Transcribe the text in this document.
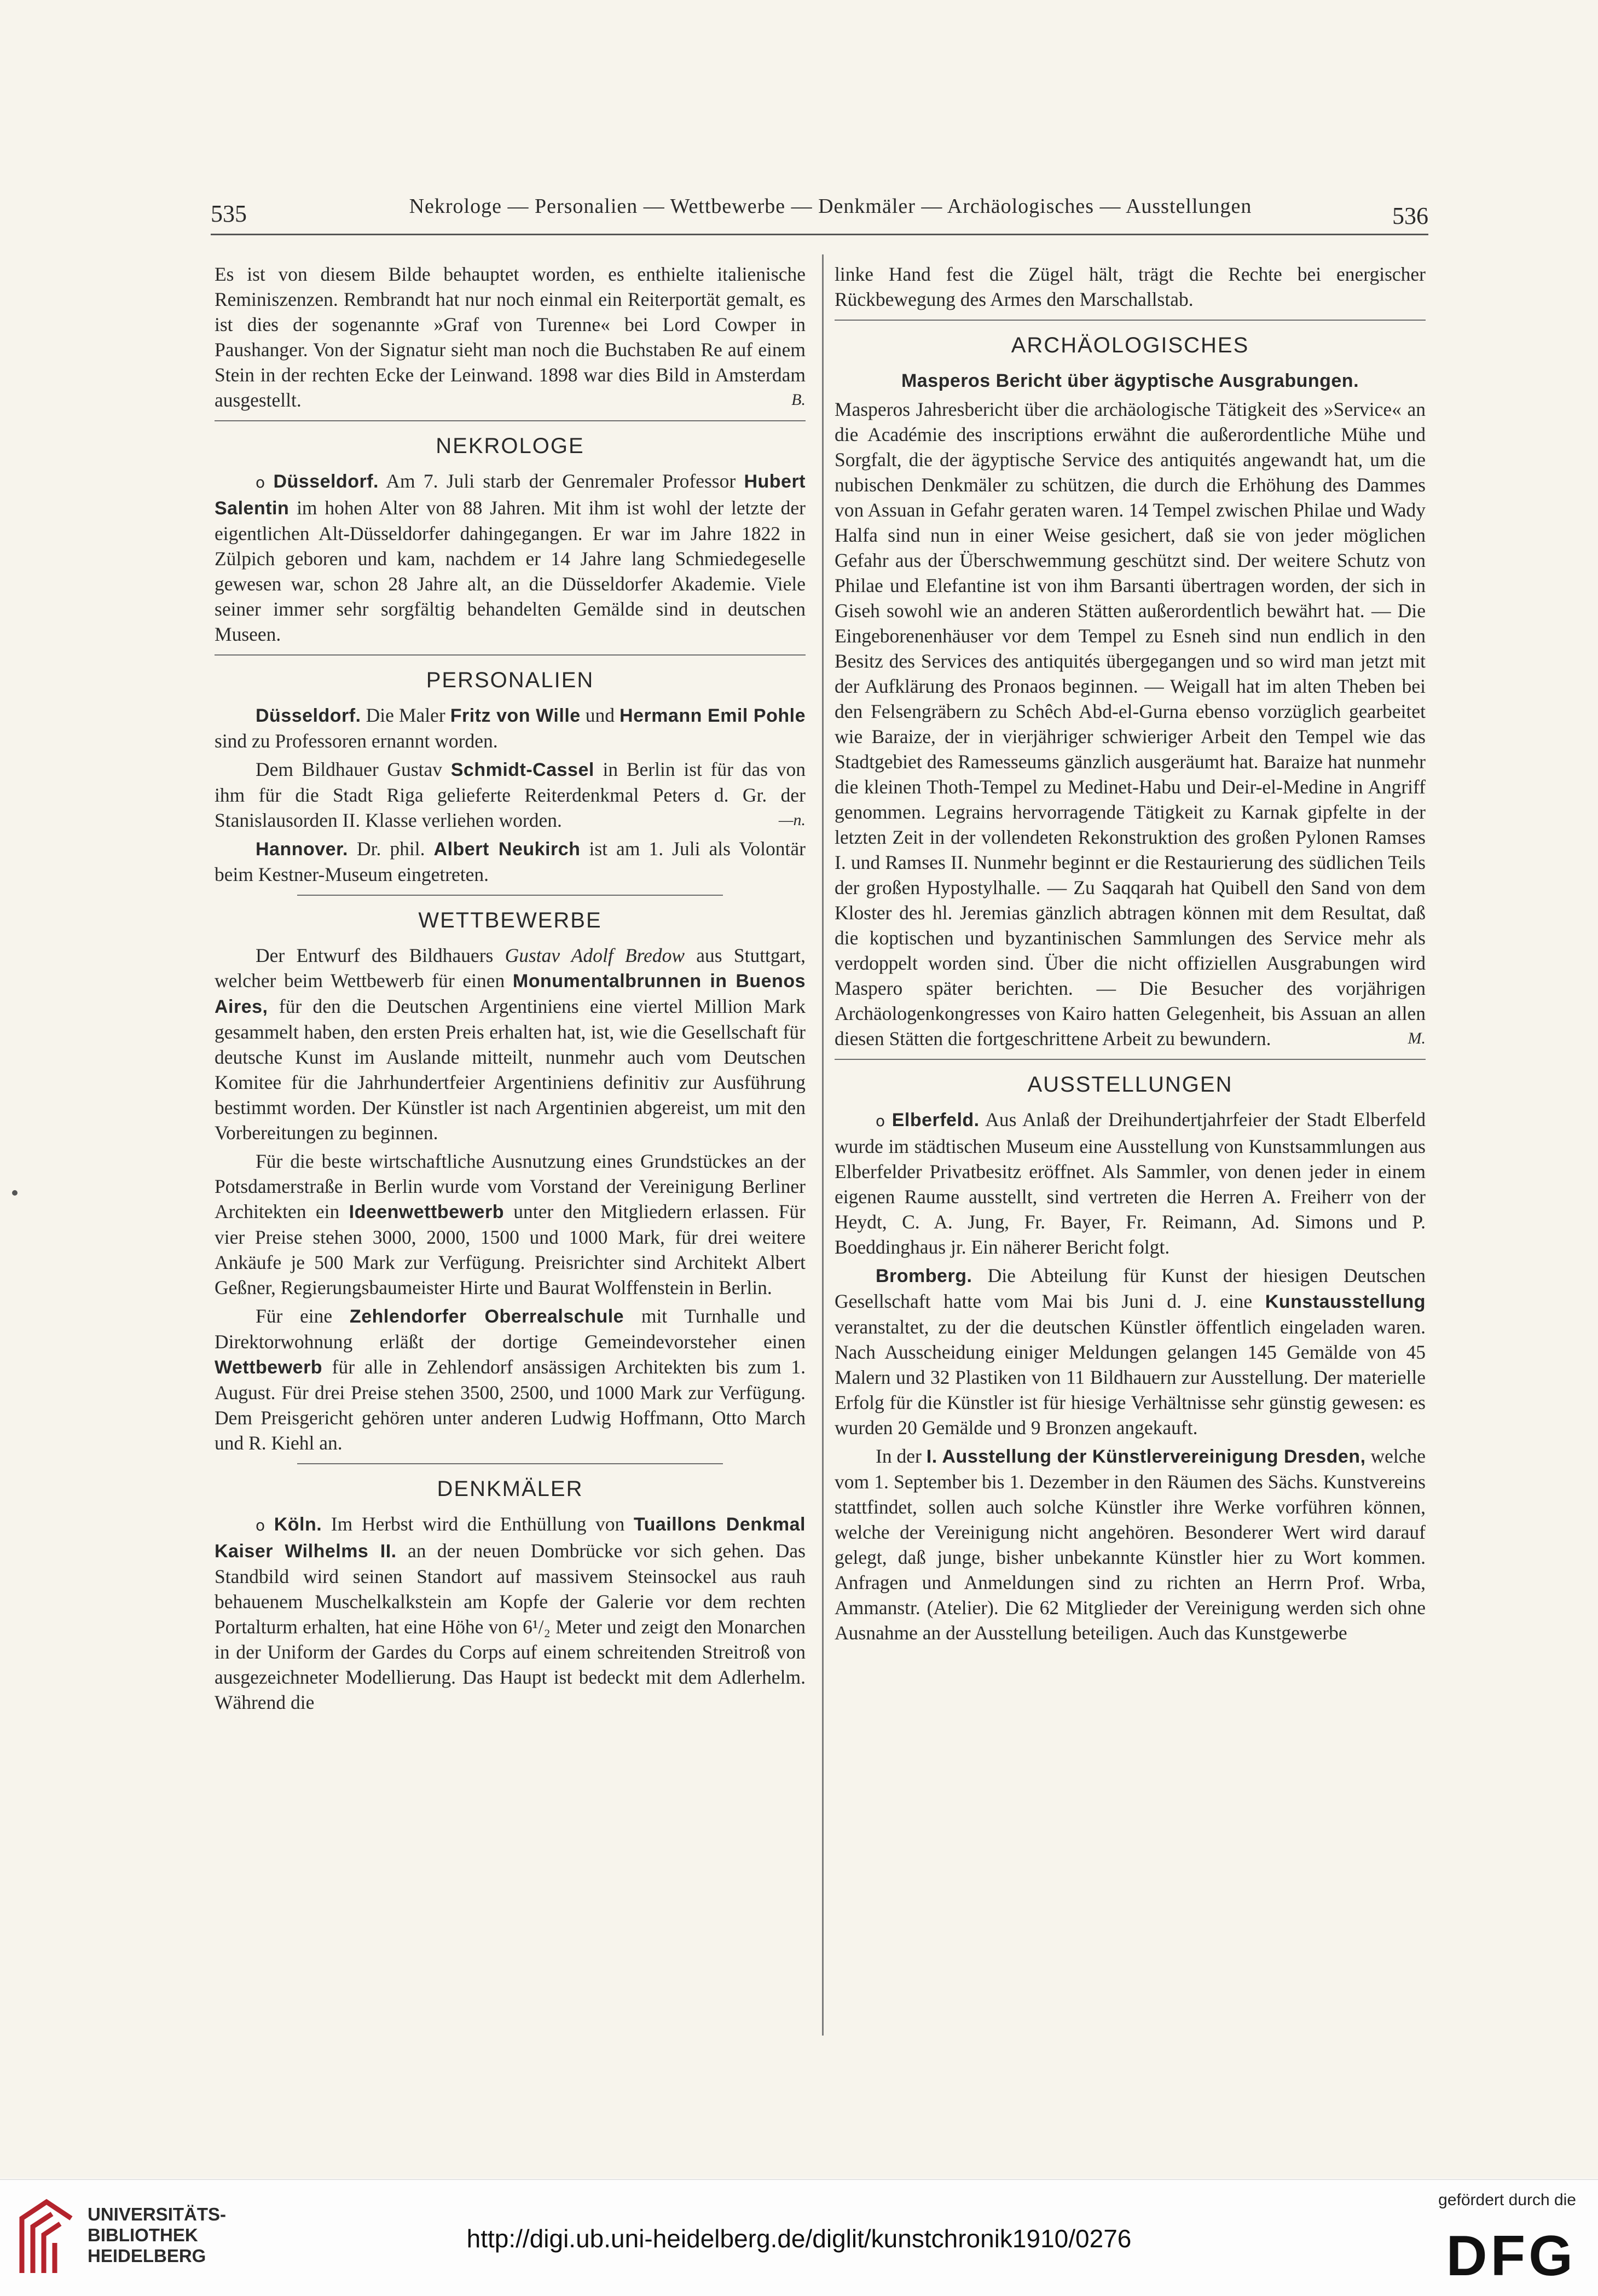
535	Nekrologe — Personalien — Wettbewerbe — Denkmäler — Archäologisches — Ausstellungen	536

Es ist von diesem Bilde behauptet worden, es enthielte italienische Reminiszenzen. Rembrandt hat nur noch einmal ein Reiterportät gemalt, es ist dies der sogenannte »Graf von Turenne« bei Lord Cowper in Paushanger. Von der Signatur sieht man noch die Buchstaben Re auf einem Stein in der rechten Ecke der Leinwand. 1898 war dies Bild in Amsterdam ausgestellt.	B.

NEKROLOGE

o Düsseldorf. Am 7. Juli starb der Genremaler Professor Hubert Salentin im hohen Alter von 88 Jahren. Mit ihm ist wohl der letzte der eigentlichen Alt-Düsseldorfer dahingegangen. Er war im Jahre 1822 in Zülpich geboren und kam, nachdem er 14 Jahre lang Schmiedegeselle gewesen war, schon 28 Jahre alt, an die Düsseldorfer Akademie. Viele seiner immer sehr sorgfältig behandelten Gemälde sind in deutschen Museen.

PERSONALIEN

Düsseldorf. Die Maler Fritz von Wille und Hermann Emil Pohle sind zu Professoren ernannt worden.

Dem Bildhauer Gustav Schmidt-Cassel in Berlin ist für das von ihm für die Stadt Riga gelieferte Reiterdenkmal Peters d. Gr. der Stanislausorden II. Klasse verliehen worden.	—n.

Hannover. Dr. phil. Albert Neukirch ist am 1. Juli als Volontär beim Kestner-Museum eingetreten.

WETTBEWERBE

Der Entwurf des Bildhauers Gustav Adolf Bredow aus Stuttgart, welcher beim Wettbewerb für einen Monumentalbrunnen in Buenos Aires, für den die Deutschen Argentiniens eine viertel Million Mark gesammelt haben, den ersten Preis erhalten hat, ist, wie die Gesellschaft für deutsche Kunst im Auslande mitteilt, nunmehr auch vom Deutschen Komitee für die Jahrhundertfeier Argentiniens definitiv zur Ausführung bestimmt worden. Der Künstler ist nach Argentinien abgereist, um mit den Vorbereitungen zu beginnen.

Für die beste wirtschaftliche Ausnutzung eines Grundstückes an der Potsdamerstraße in Berlin wurde vom Vorstand der Vereinigung Berliner Architekten ein Ideenwettbewerb unter den Mitgliedern erlassen. Für vier Preise stehen 3000, 2000, 1500 und 1000 Mark, für drei weitere Ankäufe je 500 Mark zur Verfügung. Preisrichter sind Architekt Albert Geßner, Regierungsbaumeister Hirte und Baurat Wolffenstein in Berlin.

Für eine Zehlendorfer Oberrealschule mit Turnhalle und Direktorwohnung erläßt der dortige Gemeindevorsteher einen Wettbewerb für alle in Zehlendorf ansässigen Architekten bis zum 1. August. Für drei Preise stehen 3500, 2500, und 1000 Mark zur Verfügung. Dem Preisgericht gehören unter anderen Ludwig Hoffmann, Otto March und R. Kiehl an.

DENKMÄLER

o Köln. Im Herbst wird die Enthüllung von Tuaillons Denkmal Kaiser Wilhelms II. an der neuen Dombrücke vor sich gehen. Das Standbild wird seinen Standort auf massivem Steinsockel aus rauh behauenem Muschelkalkstein am Kopfe der Galerie vor dem rechten Portalturm erhalten, hat eine Höhe von 6¹/₂ Meter und zeigt den Monarchen in der Uniform der Gardes du Corps auf einem schreitenden Streitroß von ausgezeichneter Modellierung. Das Haupt ist bedeckt mit dem Adlerhelm. Während die

linke Hand fest die Zügel hält, trägt die Rechte bei energischer Rückbewegung des Armes den Marschallstab.

ARCHÄOLOGISCHES

Masperos Bericht über ägyptische Ausgrabungen.

Masperos Jahresbericht über die archäologische Tätigkeit des »Service« an die Académie des inscriptions erwähnt die außerordentliche Mühe und Sorgfalt, die der ägyptische Service des antiquités angewandt hat, um die nubischen Denkmäler zu schützen, die durch die Erhöhung des Dammes von Assuan in Gefahr geraten waren. 14 Tempel zwischen Philae und Wady Halfa sind nun in einer Weise gesichert, daß sie von jeder möglichen Gefahr aus der Überschwemmung geschützt sind. Der weitere Schutz von Philae und Elefantine ist von ihm Barsanti übertragen worden, der sich in Giseh sowohl wie an anderen Stätten außerordentlich bewährt hat. — Die Eingeborenenhäuser vor dem Tempel zu Esneh sind nun endlich in den Besitz des Services des antiquités übergegangen und so wird man jetzt mit der Aufklärung des Pronaos beginnen. — Weigall hat im alten Theben bei den Felsengräbern zu Schêch Abd-el-Gurna ebenso vorzüglich gearbeitet wie Baraize, der in vierjähriger schwieriger Arbeit den Tempel wie das Stadtgebiet des Ramesseums gänzlich ausgeräumt hat. Baraize hat nunmehr die kleinen Thoth-Tempel zu Medinet-Habu und Deir-el-Medine in Angriff genommen. Legrains hervorragende Tätigkeit zu Karnak gipfelte in der letzten Zeit in der vollendeten Rekonstruktion des großen Pylonen Ramses I. und Ramses II. Nunmehr beginnt er die Restaurierung des südlichen Teils der großen Hypostylhalle. — Zu Saqqarah hat Quibell den Sand von dem Kloster des hl. Jeremias gänzlich abtragen können mit dem Resultat, daß die koptischen und byzantinischen Sammlungen des Service mehr als verdoppelt worden sind. Über die nicht offiziellen Ausgrabungen wird Maspero später berichten. — Die Besucher des vorjährigen Archäologenkongresses von Kairo hatten Gelegenheit, bis Assuan an allen diesen Stätten die fortgeschrittene Arbeit zu bewundern.	M.

AUSSTELLUNGEN

o Elberfeld. Aus Anlaß der Dreihundertjahrfeier der Stadt Elberfeld wurde im städtischen Museum eine Ausstellung von Kunstsammlungen aus Elberfelder Privatbesitz eröffnet. Als Sammler, von denen jeder in einem eigenen Raume ausstellt, sind vertreten die Herren A. Freiherr von der Heydt, C. A. Jung, Fr. Bayer, Fr. Reimann, Ad. Simons und P. Boeddinghaus jr. Ein näherer Bericht folgt.

Bromberg. Die Abteilung für Kunst der hiesigen Deutschen Gesellschaft hatte vom Mai bis Juni d. J. eine Kunstausstellung veranstaltet, zu der die deutschen Künstler öffentlich eingeladen waren. Nach Ausscheidung einiger Meldungen gelangen 145 Gemälde von 45 Malern und 32 Plastiken von 11 Bildhauern zur Ausstellung. Der materielle Erfolg für die Künstler ist für hiesige Verhältnisse sehr günstig gewesen: es wurden 20 Gemälde und 9 Bronzen angekauft.

In der I. Ausstellung der Künstlervereinigung Dresden, welche vom 1. September bis 1. Dezember in den Räumen des Sächs. Kunstvereins stattfindet, sollen auch solche Künstler ihre Werke vorführen können, welche der Vereinigung nicht angehören. Besonderer Wert wird darauf gelegt, daß junge, bisher unbekannte Künstler hier zu Wort kommen. Anfragen und Anmeldungen sind zu richten an Herrn Prof. Wrba, Ammanstr. (Atelier). Die 62 Mitglieder der Vereinigung werden sich ohne Ausnahme an der Ausstellung beteiligen. Auch das Kunstgewerbe

UNIVERSITÄTS-
BIBLIOTHEK
HEIDELBERG
http://digi.ub.uni-heidelberg.de/diglit/kunstchronik1910/0276
gefördert durch die
DFG
